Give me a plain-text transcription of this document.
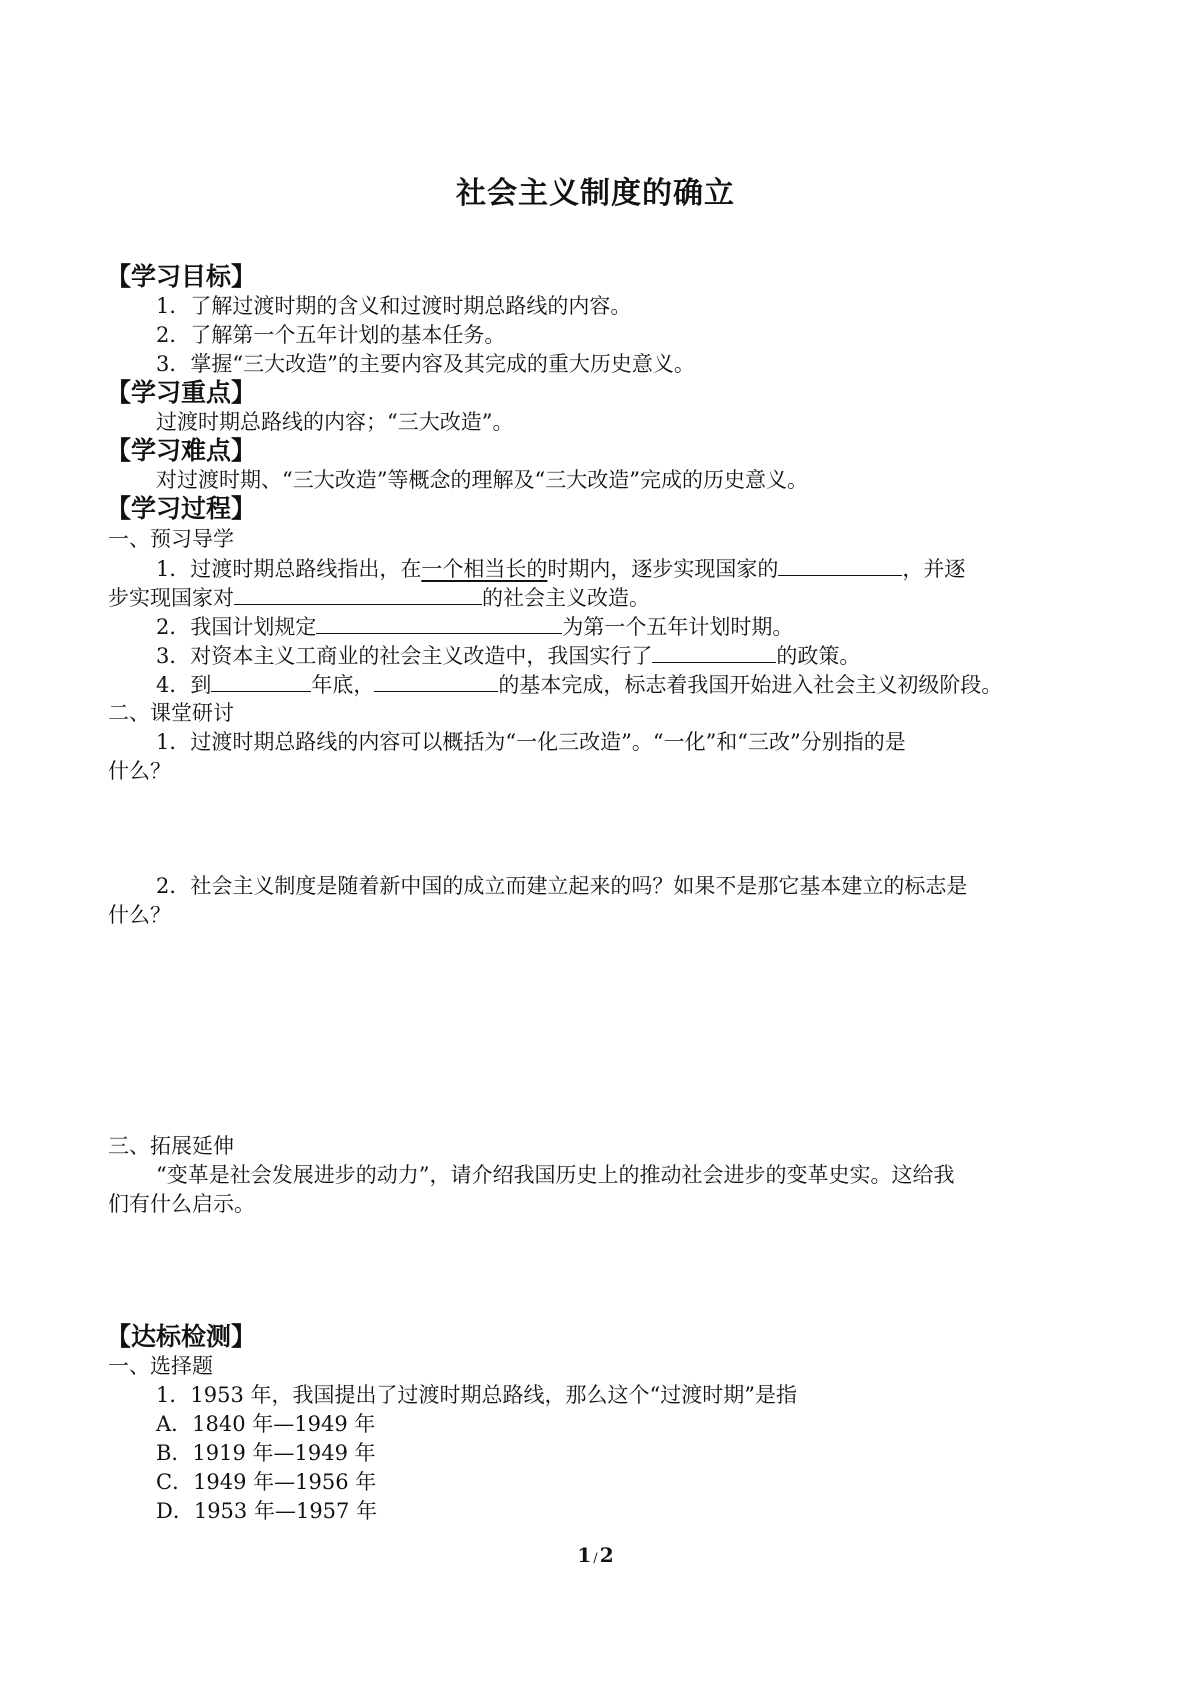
社会主义制度的确立
【学习目标】
1．了解过渡时期的含义和过渡时期总路线的内容。
2．了解第一个五年计划的基本任务。
3．掌握“三大改造”的主要内容及其完成的重大历史意义。
【学习重点】
过渡时期总路线的内容；“三大改造”。
【学习难点】
对过渡时期、“三大改造”等概念的理解及“三大改造”完成的历史意义。
【学习过程】
一、预习导学
1．过渡时期总路线指出，在一个相当长的时期内，逐步实现国家的	，并逐
步实现国家对	的社会主义改造。
2．我国计划规定	为第一个五年计划时期。
3．对资本主义工商业的社会主义改造中，我国实行了	的政策。
4．到	年底，	的基本完成，标志着我国开始进入社会主义初级阶段。
二、课堂研讨
1．过渡时期总路线的内容可以概括为“一化三改造”。“一化”和“三改”分别指的是
什么？
2．社会主义制度是随着新中国的成立而建立起来的吗？如果不是那它基本建立的标志是
什么？
三、拓展延伸
“变革是社会发展进步的动力”，请介绍我国历史上的推动社会进步的变革史实。这给我
们有什么启示。
【达标检测】
一、选择题
1．1953 年，我国提出了过渡时期总路线，那么这个“过渡时期”是指
A．1840 年—1949 年
B．1919 年—1949 年
C．1949 年—1956 年
D．1953 年—1957 年
1 / 2
